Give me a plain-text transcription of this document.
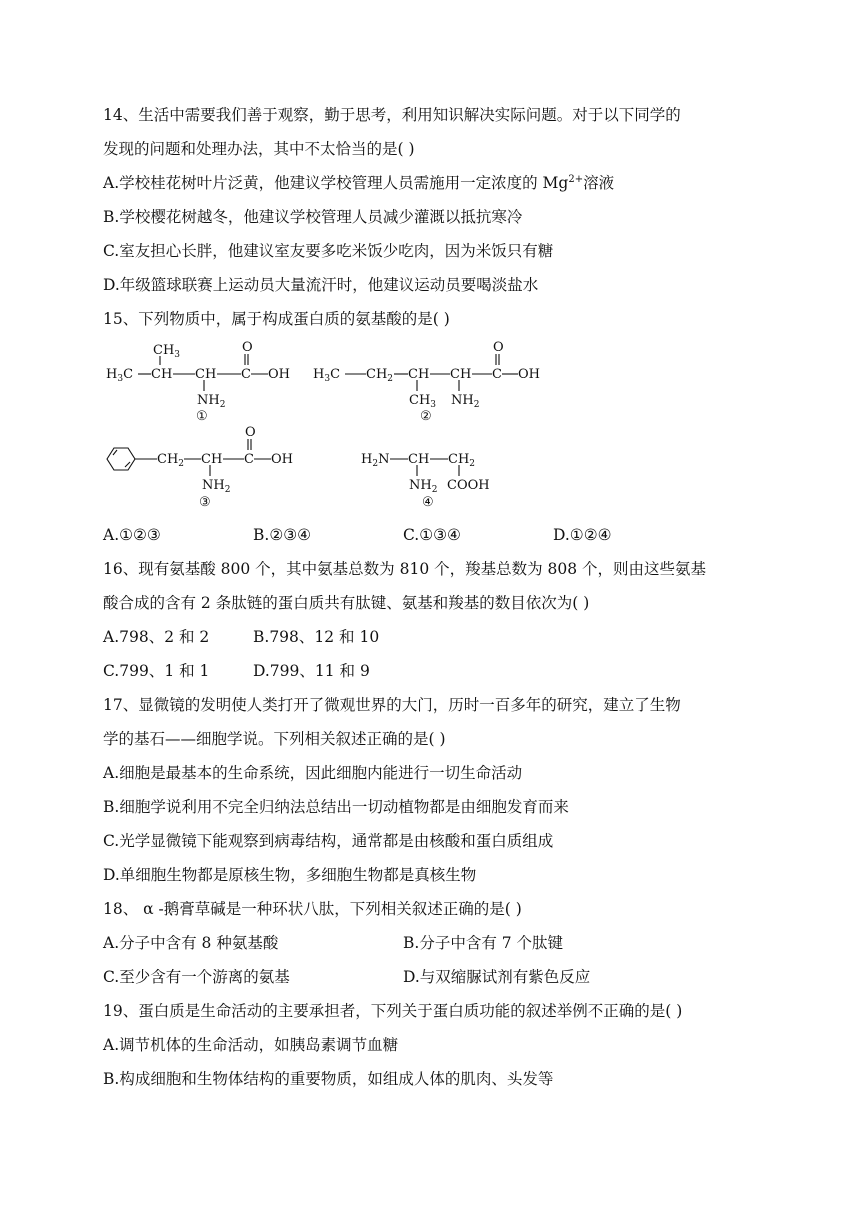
14、生活中需要我们善于观察，勤于思考，利用知识解决实际问题。对于以下同学的
发现的问题和处理办法，其中不太恰当的是( )
A.学校桂花树叶片泛黄，他建议学校管理人员需施用一定浓度的 $Mg^{2+}$溶液
B.学校樱花树越冬，他建议学校管理人员减少灌溉以抵抗寒冷
C.室友担心长胖，他建议室友要多吃米饭少吃肉，因为米饭只有糖
D.年级篮球联赛上运动员大量流汗时，他建议运动员要喝淡盐水
15、下列物质中，属于构成蛋白质的氨基酸的是( )
$H_3C$ CH
$CH_3$
CH
$NH_2$
C
O
OH
①
$H_3C$ $CH_2$ CH
$CH_3$
CH
$NH_2$
C
O
OH
②
$CH_2$ CH
$NH_2$
C
O
OH
③
$H_2N$ CH
$NH_2$
$CH_2$
COOH
④
A.①②③	B.②③④	C.①③④	D.①②④
16、现有氨基酸 800 个，其中氨基总数为 810 个，羧基总数为 808 个，则由这些氨基
酸合成的含有 2 条肽链的蛋白质共有肽键、氨基和羧基的数目依次为( )
A.798、2 和 2	B.798、12 和 10
C.799、1 和 1	D.799、11 和 9
17、显微镜的发明使人类打开了微观世界的大门，历时一百多年的研究，建立了生物
学的基石——细胞学说。下列相关叙述正确的是( )
A.细胞是最基本的生命系统，因此细胞内能进行一切生命活动
B.细胞学说利用不完全归纳法总结出一切动植物都是由细胞发育而来
C.光学显微镜下能观察到病毒结构，通常都是由核酸和蛋白质组成
D.单细胞生物都是原核生物，多细胞生物都是真核生物
18、 α -鹅膏草碱是一种环状八肽，下列相关叙述正确的是( )
A.分子中含有 8 种氨基酸	B.分子中含有 7 个肽键
C.至少含有一个游离的氨基	D.与双缩脲试剂有紫色反应
19、蛋白质是生命活动的主要承担者，下列关于蛋白质功能的叙述举例不正确的是( )
A.调节机体的生命活动，如胰岛素调节血糖
B.构成细胞和生物体结构的重要物质，如组成人体的肌肉、头发等
